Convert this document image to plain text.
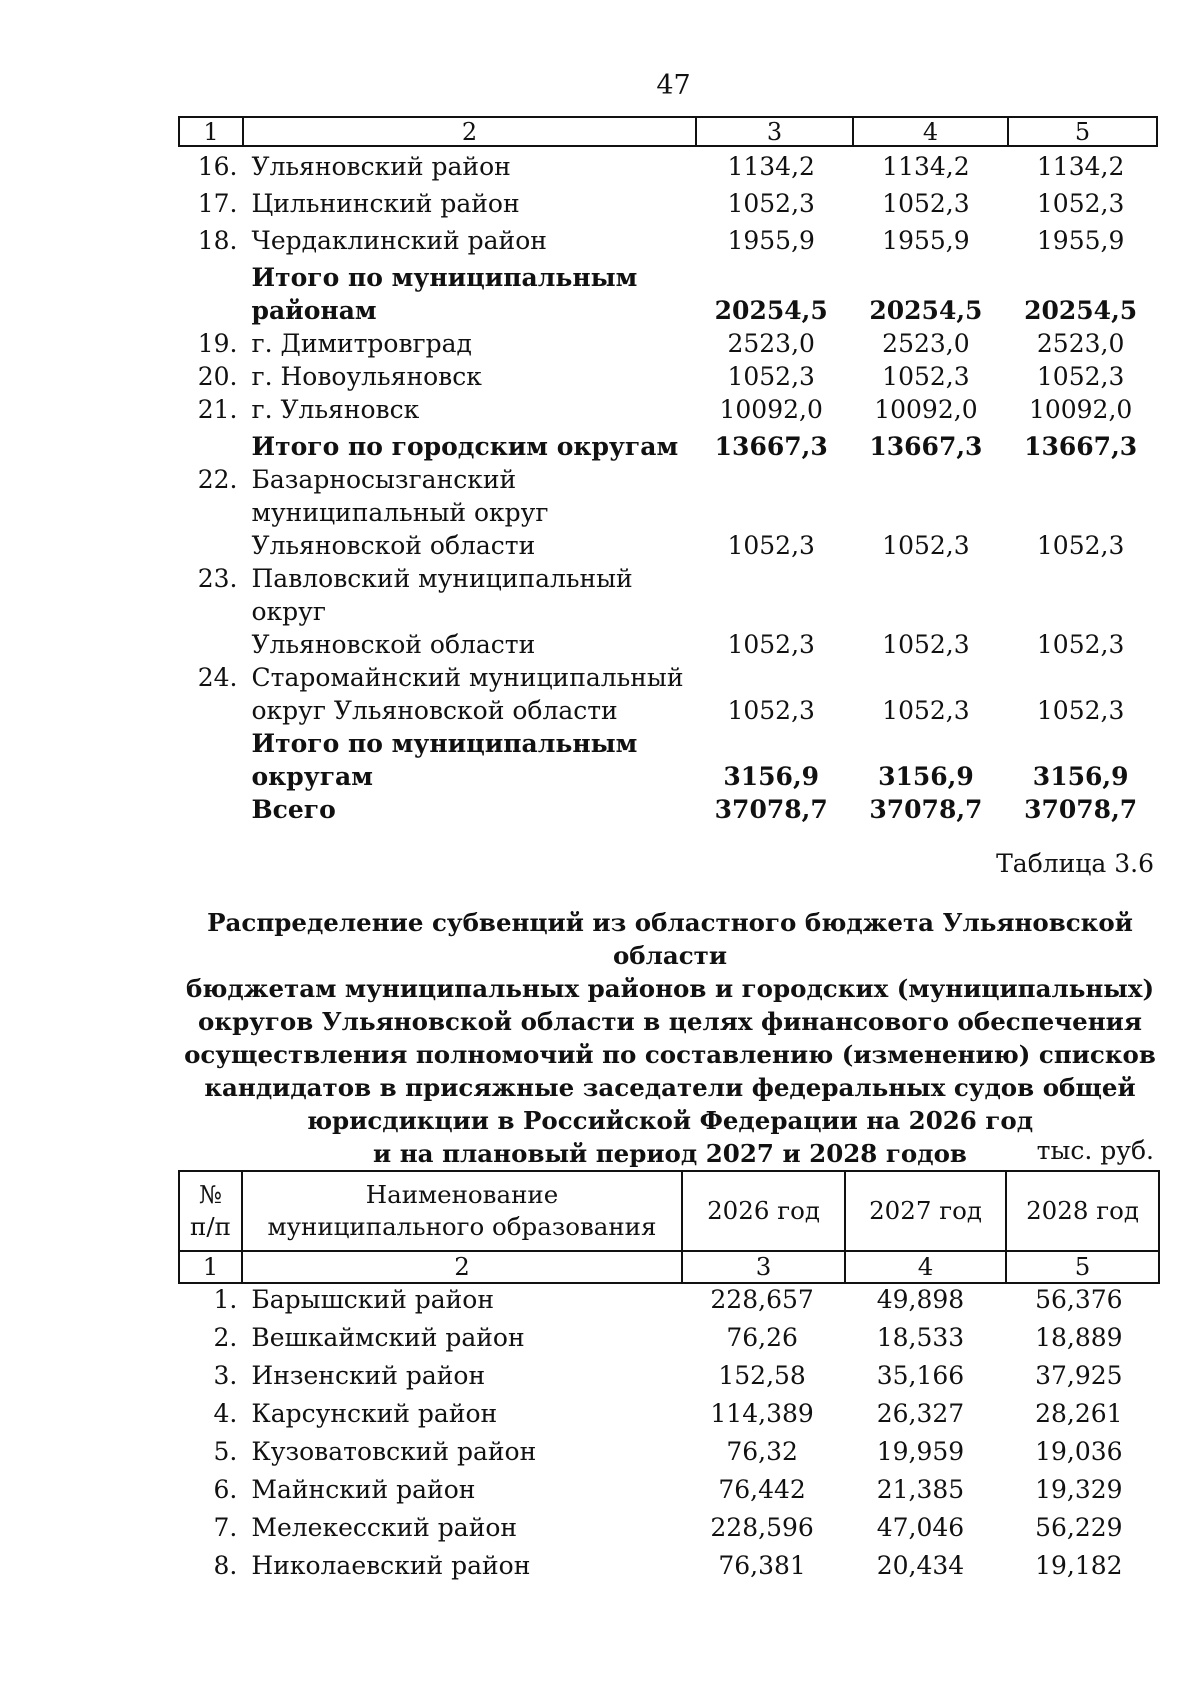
47
1	2	3	4	5
16. Ульяновский район	1134,2	1134,2	1134,2
17. Цильнинский район	1052,3	1052,3	1052,3
18. Чердаклинский район	1955,9	1955,9	1955,9
Итого по муниципальным
районам	20254,5	20254,5	20254,5
19. г. Димитровград	2523,0	2523,0	2523,0
20. г. Новоульяновск	1052,3	1052,3	1052,3
21. г. Ульяновск	10092,0	10092,0	10092,0
Итого по городским округам	13667,3	13667,3	13667,3
22. Базарносызганский
муниципальный округ
Ульяновской области	1052,3	1052,3	1052,3
23. Павловский муниципальный округ
Ульяновской области	1052,3	1052,3	1052,3
24. Старомайнский муниципальный
округ Ульяновской области	1052,3	1052,3	1052,3
Итого по муниципальным
округам	3156,9	3156,9	3156,9
Всего	37078,7	37078,7	37078,7
Таблица 3.6
Распределение субвенций из областного бюджета Ульяновской области
бюджетам муниципальных районов и городских (муниципальных)
округов Ульяновской области в целях финансового обеспечения
осуществления полномочий по составлению (изменению) списков
кандидатов в присяжные заседатели федеральных судов общей
юрисдикции в Российской Федерации на 2026 год
и на плановый период 2027 и 2028 годов	тыс. руб.
№
п/п
Наименование
муниципального образования
2026 год	2027 год	2028 год
1	2	3	4	5
1. Барышский район	228,657	49,898	56,376
2. Вешкаймский район	76,26	18,533	18,889
3. Инзенский район	152,58	35,166	37,925
4. Карсунский район	114,389	26,327	28,261
5. Кузоватовский район	76,32	19,959	19,036
6. Майнский район	76,442	21,385	19,329
7. Мелекесский район	228,596	47,046	56,229
8. Николаевский район	76,381	20,434	19,182
